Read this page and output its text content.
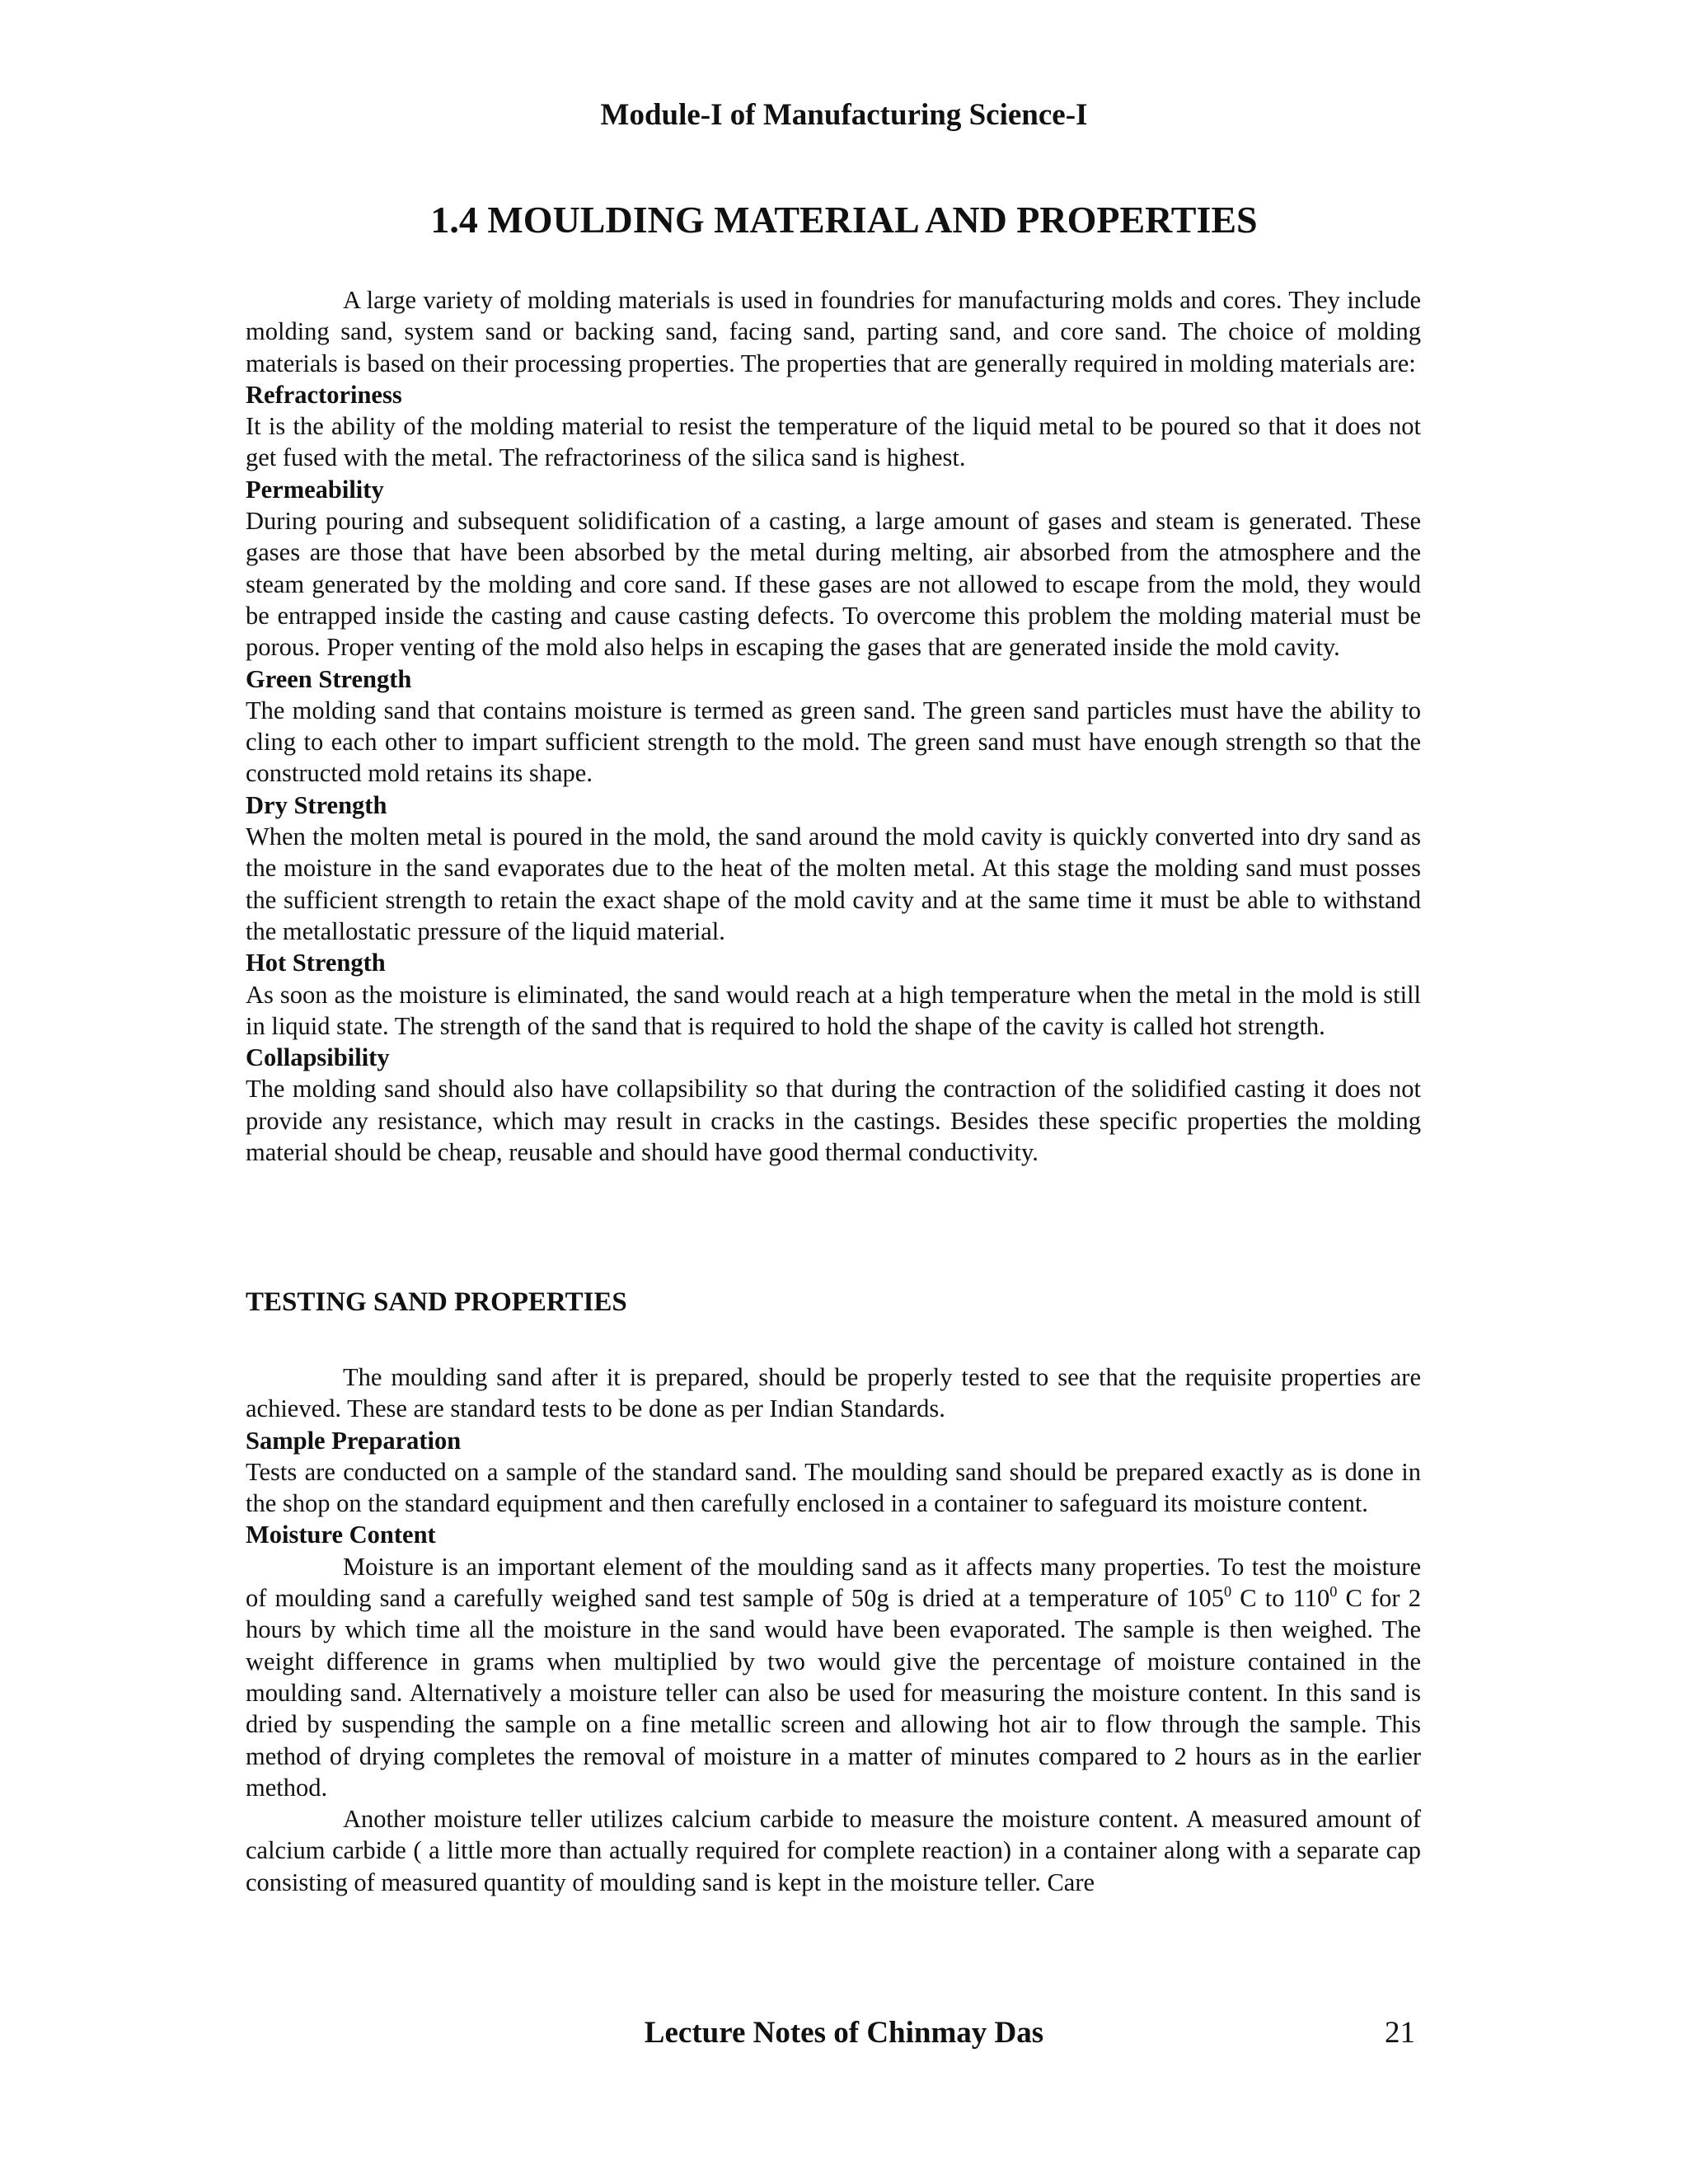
Module-I of Manufacturing Science-I
1.4 MOULDING MATERIAL AND PROPERTIES

A large variety of molding materials is used in foundries for manufacturing molds and cores. They include molding sand, system sand or backing sand, facing sand, parting sand, and core sand. The choice of molding materials is based on their processing properties. The properties that are generally required in molding materials are:

Refractoriness

It is the ability of the molding material to resist the temperature of the liquid metal to be poured so that it does not get fused with the metal. The refractoriness of the silica sand is highest.

Permeability

During pouring and subsequent solidification of a casting, a large amount of gases and steam is generated. These gases are those that have been absorbed by the metal during melting, air absorbed from the atmosphere and the steam generated by the molding and core sand. If these gases are not allowed to escape from the mold, they would be entrapped inside the casting and cause casting defects. To overcome this problem the molding material must be porous. Proper venting of the mold also helps in escaping the gases that are generated inside the mold cavity.

Green Strength

The molding sand that contains moisture is termed as green sand. The green sand particles must have the ability to cling to each other to impart sufficient strength to the mold. The green sand must have enough strength so that the constructed mold retains its shape.

Dry Strength

When the molten metal is poured in the mold, the sand around the mold cavity is quickly converted into dry sand as the moisture in the sand evaporates due to the heat of the molten metal. At this stage the molding sand must posses the sufficient strength to retain the exact shape of the mold cavity and at the same time it must be able to withstand the metallostatic pressure of the liquid material.

Hot Strength

As soon as the moisture is eliminated, the sand would reach at a high temperature when the metal in the mold is still in liquid state. The strength of the sand that is required to hold the shape of the cavity is called hot strength.

Collapsibility

The molding sand should also have collapsibility so that during the contraction of the solidified casting it does not provide any resistance, which may result in cracks in the castings. Besides these specific properties the molding material should be cheap, reusable and should have good thermal conductivity.

TESTING SAND PROPERTIES

The moulding sand after it is prepared, should be properly tested to see that the requisite properties are achieved. These are standard tests to be done as per Indian Standards.

Sample Preparation

Tests are conducted on a sample of the standard sand. The moulding sand should be prepared exactly as is done in the shop on the standard equipment and then carefully enclosed in a container to safeguard its moisture content.

Moisture Content

Moisture is an important element of the moulding sand as it affects many properties. To test the moisture of moulding sand a carefully weighed sand test sample of 50g is dried at a temperature of $105^0$ C to $110^0$ C for 2 hours by which time all the moisture in the sand would have been evaporated. The sample is then weighed. The weight difference in grams when multiplied by two would give the percentage of moisture contained in the moulding sand. Alternatively a moisture teller can also be used for measuring the moisture content. In this sand is dried by suspending the sample on a fine metallic screen and allowing hot air to flow through the sample. This method of drying completes the removal of moisture in a matter of minutes compared to 2 hours as in the earlier method.

Another moisture teller utilizes calcium carbide to measure the moisture content. A measured amount of calcium carbide ( a little more than actually required for complete reaction) in a container along with a separate cap consisting of measured quantity of moulding sand is kept in the moisture teller. Care

Lecture Notes of Chinmay Das	21
